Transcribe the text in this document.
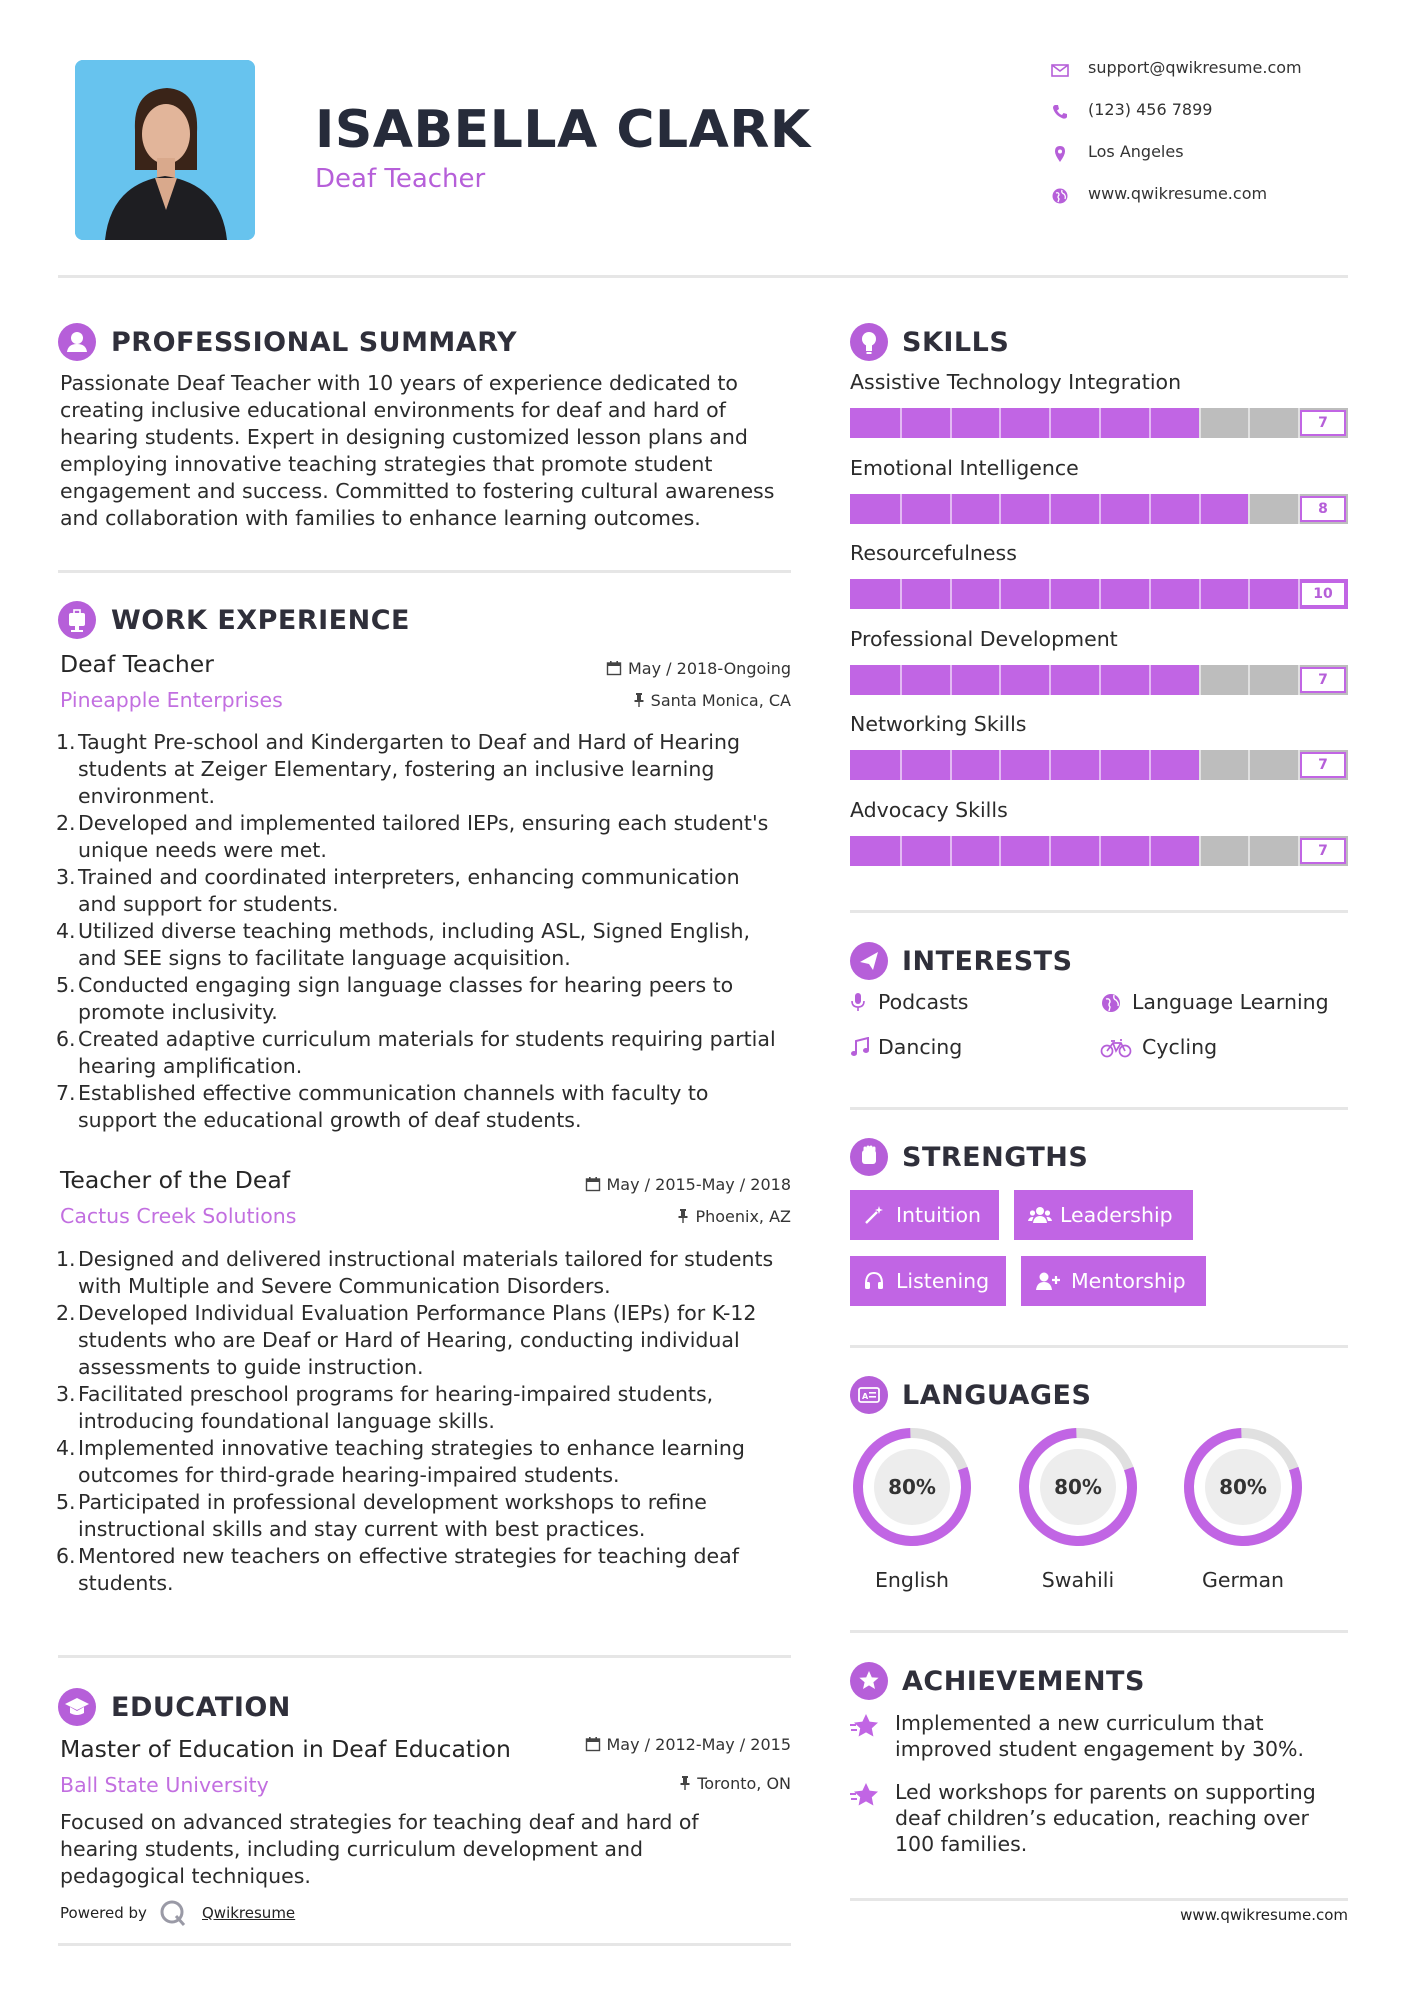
ISABELLA CLARK
Deaf Teacher
support@qwikresume.com
(123) 456 7899
Los Angeles
www.qwikresume.com
PROFESSIONAL SUMMARY
Passionate Deaf Teacher with 10 years of experience dedicated to
creating inclusive educational environments for deaf and hard of
hearing students. Expert in designing customized lesson plans and
employing innovative teaching strategies that promote student
engagement and success. Committed to fostering cultural awareness
and collaboration with families to enhance learning outcomes.
WORK EXPERIENCE
Deaf Teacher	May / 2018-Ongoing
Pineapple Enterprises	Santa Monica, CA
1. Taught Pre-school and Kindergarten to Deaf and Hard of Hearing
students at Zeiger Elementary, fostering an inclusive learning
environment.
2. Developed and implemented tailored IEPs, ensuring each student's
unique needs were met.
3. Trained and coordinated interpreters, enhancing communication
and support for students.
4. Utilized diverse teaching methods, including ASL, Signed English,
and SEE signs to facilitate language acquisition.
5. Conducted engaging sign language classes for hearing peers to
promote inclusivity.
6. Created adaptive curriculum materials for students requiring partial
hearing amplification.
7. Established effective communication channels with faculty to
support the educational growth of deaf students.
Teacher of the Deaf	May / 2015-May / 2018
Cactus Creek Solutions	Phoenix, AZ
1. Designed and delivered instructional materials tailored for students
with Multiple and Severe Communication Disorders.
2. Developed Individual Evaluation Performance Plans (IEPs) for K-12
students who are Deaf or Hard of Hearing, conducting individual
assessments to guide instruction.
3. Facilitated preschool programs for hearing-impaired students,
introducing foundational language skills.
4. Implemented innovative teaching strategies to enhance learning
outcomes for third-grade hearing-impaired students.
5. Participated in professional development workshops to refine
instructional skills and stay current with best practices.
6. Mentored new teachers on effective strategies for teaching deaf
students.
EDUCATION
Master of Education in Deaf Education	May / 2012-May / 2015
Ball State University	Toronto, ON
Focused on advanced strategies for teaching deaf and hard of
hearing students, including curriculum development and
pedagogical techniques.
Powered by	Qwikresume
SKILLS
Assistive Technology Integration
7
Emotional Intelligence
8
Resourcefulness
10
Professional Development
7
Networking Skills
7
Advocacy Skills
7
INTERESTS
Podcasts	Language Learning
Dancing	Cycling
STRENGTHS
Intuition	Leadership
Listening	Mentorship
A LANGUAGES
80%
English
80%
Swahili
80%
German
ACHIEVEMENTS
Implemented a new curriculum that
improved student engagement by 30%.
Led workshops for parents on supporting
deaf children’s education, reaching over
100 families.
www.qwikresume.com
